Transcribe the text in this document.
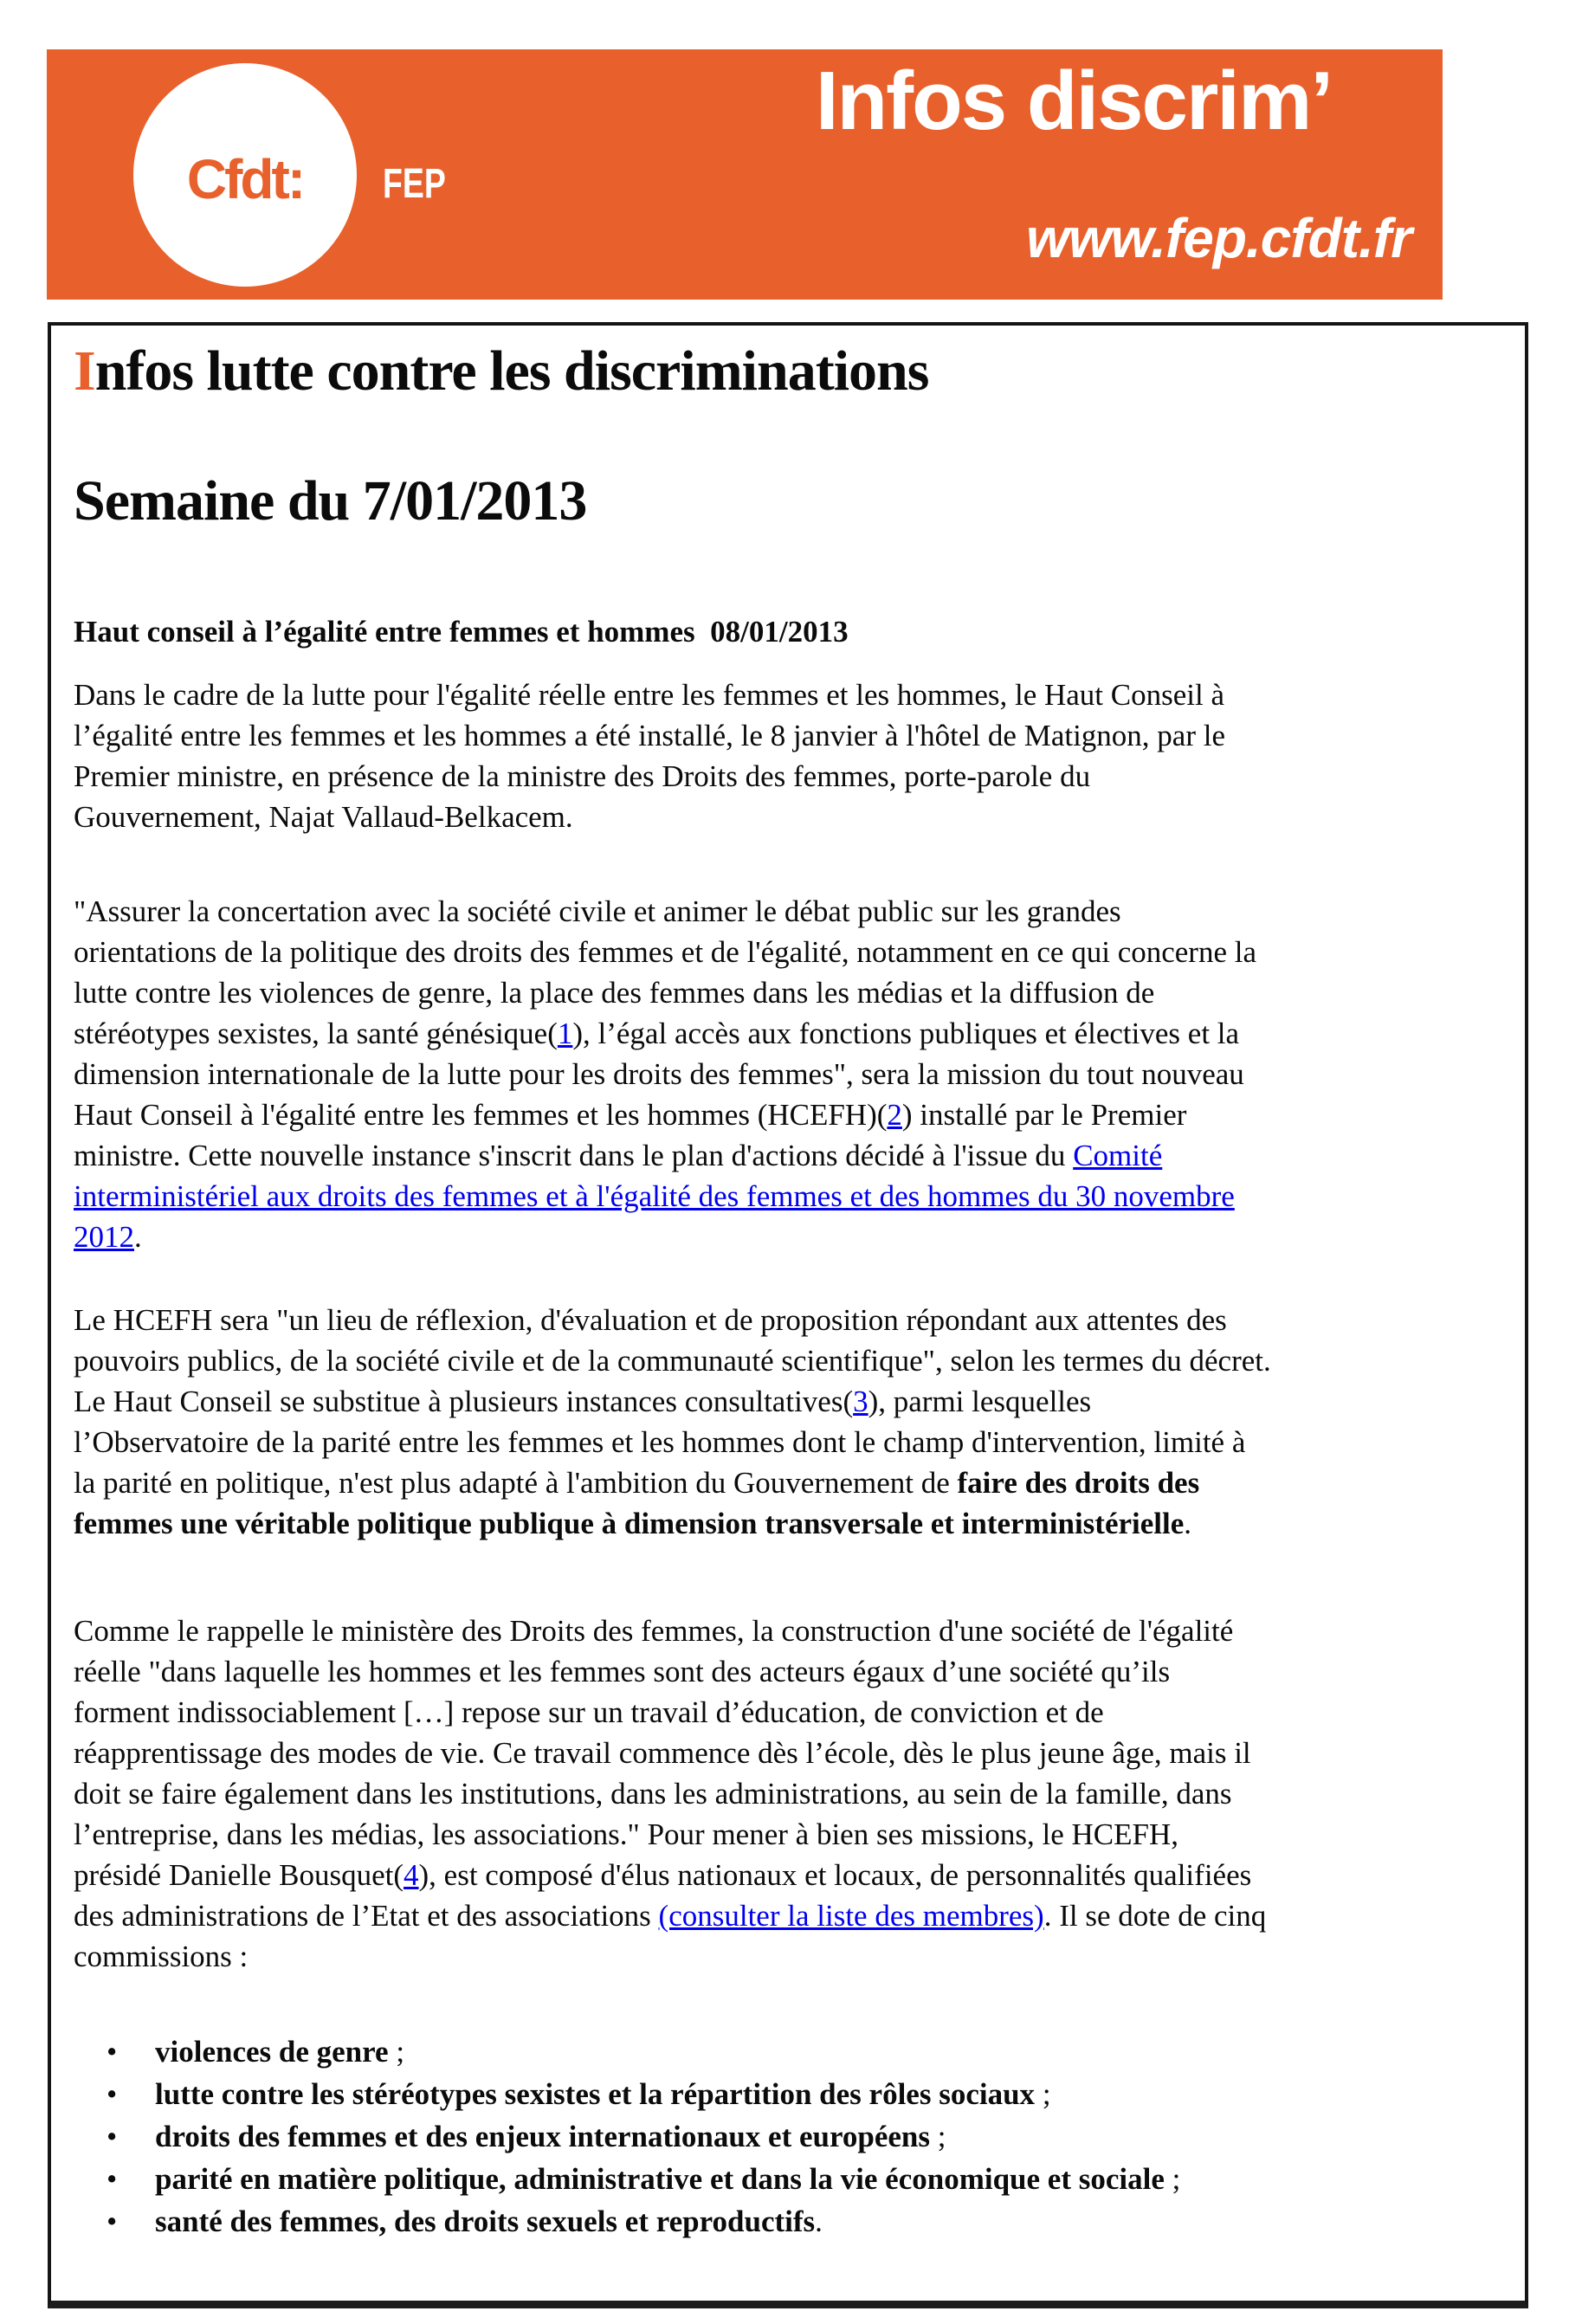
Cfdt: FEP
Infos discrim’
www.fep.cfdt.fr
Infos lutte contre les discriminations
Semaine du 7/01/2013
Haut conseil à l’égalité entre femmes et hommes  08/01/2013

Dans le cadre de la lutte pour l'égalité réelle entre les femmes et les hommes, le Haut Conseil à
l’égalité entre les femmes et les hommes a été installé, le 8 janvier à l'hôtel de Matignon, par le
Premier ministre, en présence de la ministre des Droits des femmes, porte-parole du
Gouvernement, Najat Vallaud-Belkacem.

"Assurer la concertation avec la société civile et animer le débat public sur les grandes
orientations de la politique des droits des femmes et de l'égalité, notamment en ce qui concerne la
lutte contre les violences de genre, la place des femmes dans les médias et la diffusion de
stéréotypes sexistes, la santé génésique(1), l’égal accès aux fonctions publiques et électives et la
dimension internationale de la lutte pour les droits des femmes", sera la mission du tout nouveau
Haut Conseil à l'égalité entre les femmes et les hommes (HCEFH)(2) installé par le Premier
ministre. Cette nouvelle instance s'inscrit dans le plan d'actions décidé à l'issue du Comité
interministériel aux droits des femmes et à l'égalité des femmes et des hommes du 30 novembre
2012.

Le HCEFH sera "un lieu de réflexion, d'évaluation et de proposition répondant aux attentes des
pouvoirs publics, de la société civile et de la communauté scientifique", selon les termes du décret.
Le Haut Conseil se substitue à plusieurs instances consultatives(3), parmi lesquelles
l’Observatoire de la parité entre les femmes et les hommes dont le champ d'intervention, limité à
la parité en politique, n'est plus adapté à l'ambition du Gouvernement de faire des droits des
femmes une véritable politique publique à dimension transversale et interministérielle.

Comme le rappelle le ministère des Droits des femmes, la construction d'une société de l'égalité
réelle "dans laquelle les hommes et les femmes sont des acteurs égaux d’une société qu’ils
forment indissociablement […] repose sur un travail d’éducation, de conviction et de
réapprentissage des modes de vie. Ce travail commence dès l’école, dès le plus jeune âge, mais il
doit se faire également dans les institutions, dans les administrations, au sein de la famille, dans
l’entreprise, dans les médias, les associations." Pour mener à bien ses missions, le HCEFH,
présidé Danielle Bousquet(4), est composé d'élus nationaux et locaux, de personnalités qualifiées
des administrations de l’Etat et des associations (consulter la liste des membres). Il se dote de cinq
commissions :

• violences de genre ;
• lutte contre les stéréotypes sexistes et la répartition des rôles sociaux ;
• droits des femmes et des enjeux internationaux et européens ;
• parité en matière politique, administrative et dans la vie économique et sociale ;
• santé des femmes, des droits sexuels et reproductifs.
